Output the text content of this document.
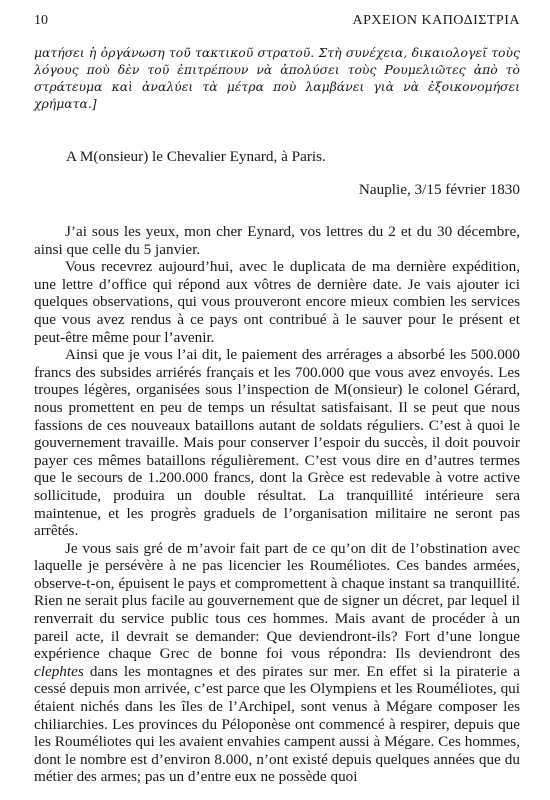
10	ΑΡΧΕΙΟΝ ΚΑΠΟΔΙΣΤΡΙΑ

ματήσει ἡ ὀργάνωση τοῦ τακτικοῦ στρατοῦ. Στὴ συνέχεια, δικαιολογεῖ τοὺς λόγους ποὺ δὲν τοῦ ἐπιτρέπουν νὰ ἀπολύσει τοὺς Ρουμελιῶτες ἀπὸ τὸ στράτευμα καὶ ἀναλύει τὰ μέτρα ποὺ λαμβάνει γιὰ νὰ ἐξοικονομήσει χρήματα.]

A M(onsieur) le Chevalier Eynard, à Paris.
Nauplie, 3/15 février 1830

J’ai sous les yeux, mon cher Eynard, vos lettres du 2 et du 30 décembre, ainsi que celle du 5 janvier.

Vous recevrez aujourd’hui, avec le duplicata de ma dernière expédition, une lettre d’office qui répond aux vôtres de dernière date. Je vais ajouter ici quelques observations, qui vous prouveront encore mieux combien les services que vous avez rendus à ce pays ont contribué à le sauver pour le présent et peut-être même pour l’avenir.

Ainsi que je vous l’ai dit, le paiement des arrérages a absorbé les 500.000 francs des subsides arriérés français et les 700.000 que vous avez envoyés. Les troupes légères, organisées sous l’inspection de M(onsieur) le colonel Gérard, nous promettent en peu de temps un résultat satisfaisant. Il se peut que nous fassions de ces nouveaux bataillons autant de soldats réguliers. C’est à quoi le gouvernement travaille. Mais pour conserver l’espoir du succès, il doit pouvoir payer ces mêmes bataillons régulièrement. C’est vous dire en d’autres termes que le secours de 1.200.000 francs, dont la Grèce est redevable à votre active sollicitude, produira un double résultat. La tranquillité intérieure sera maintenue, et les progrès graduels de l’organisation militaire ne seront pas arrêtés.

Je vous sais gré de m’avoir fait part de ce qu’on dit de l’obstination avec laquelle je persévère à ne pas licencier les Rouméliotes. Ces bandes armées, observe-t-on, épuisent le pays et compromettent à chaque instant sa tranquillité. Rien ne serait plus facile au gouvernement que de signer un décret, par lequel il renverrait du service public tous ces hommes. Mais avant de procéder à un pareil acte, il devrait se demander: Que deviendront-ils? Fort d’une longue expérience chaque Grec de bonne foi vous répondra: Ils deviendront des clephtes dans les montagnes et des pirates sur mer. En effet si la piraterie a cessé depuis mon arrivée, c’est parce que les Olympiens et les Rouméliotes, qui étaient nichés dans les îles de l’Archipel, sont venus à Mégare composer les chiliarchies. Les provinces du Péloponèse ont commencé à respirer, depuis que les Rouméliotes qui les avaient envahies campent aussi à Mégare. Ces hommes, dont le nombre est d’environ 8.000, n’ont existé depuis quelques années que du métier des armes; pas un d’entre eux ne possède quoi
